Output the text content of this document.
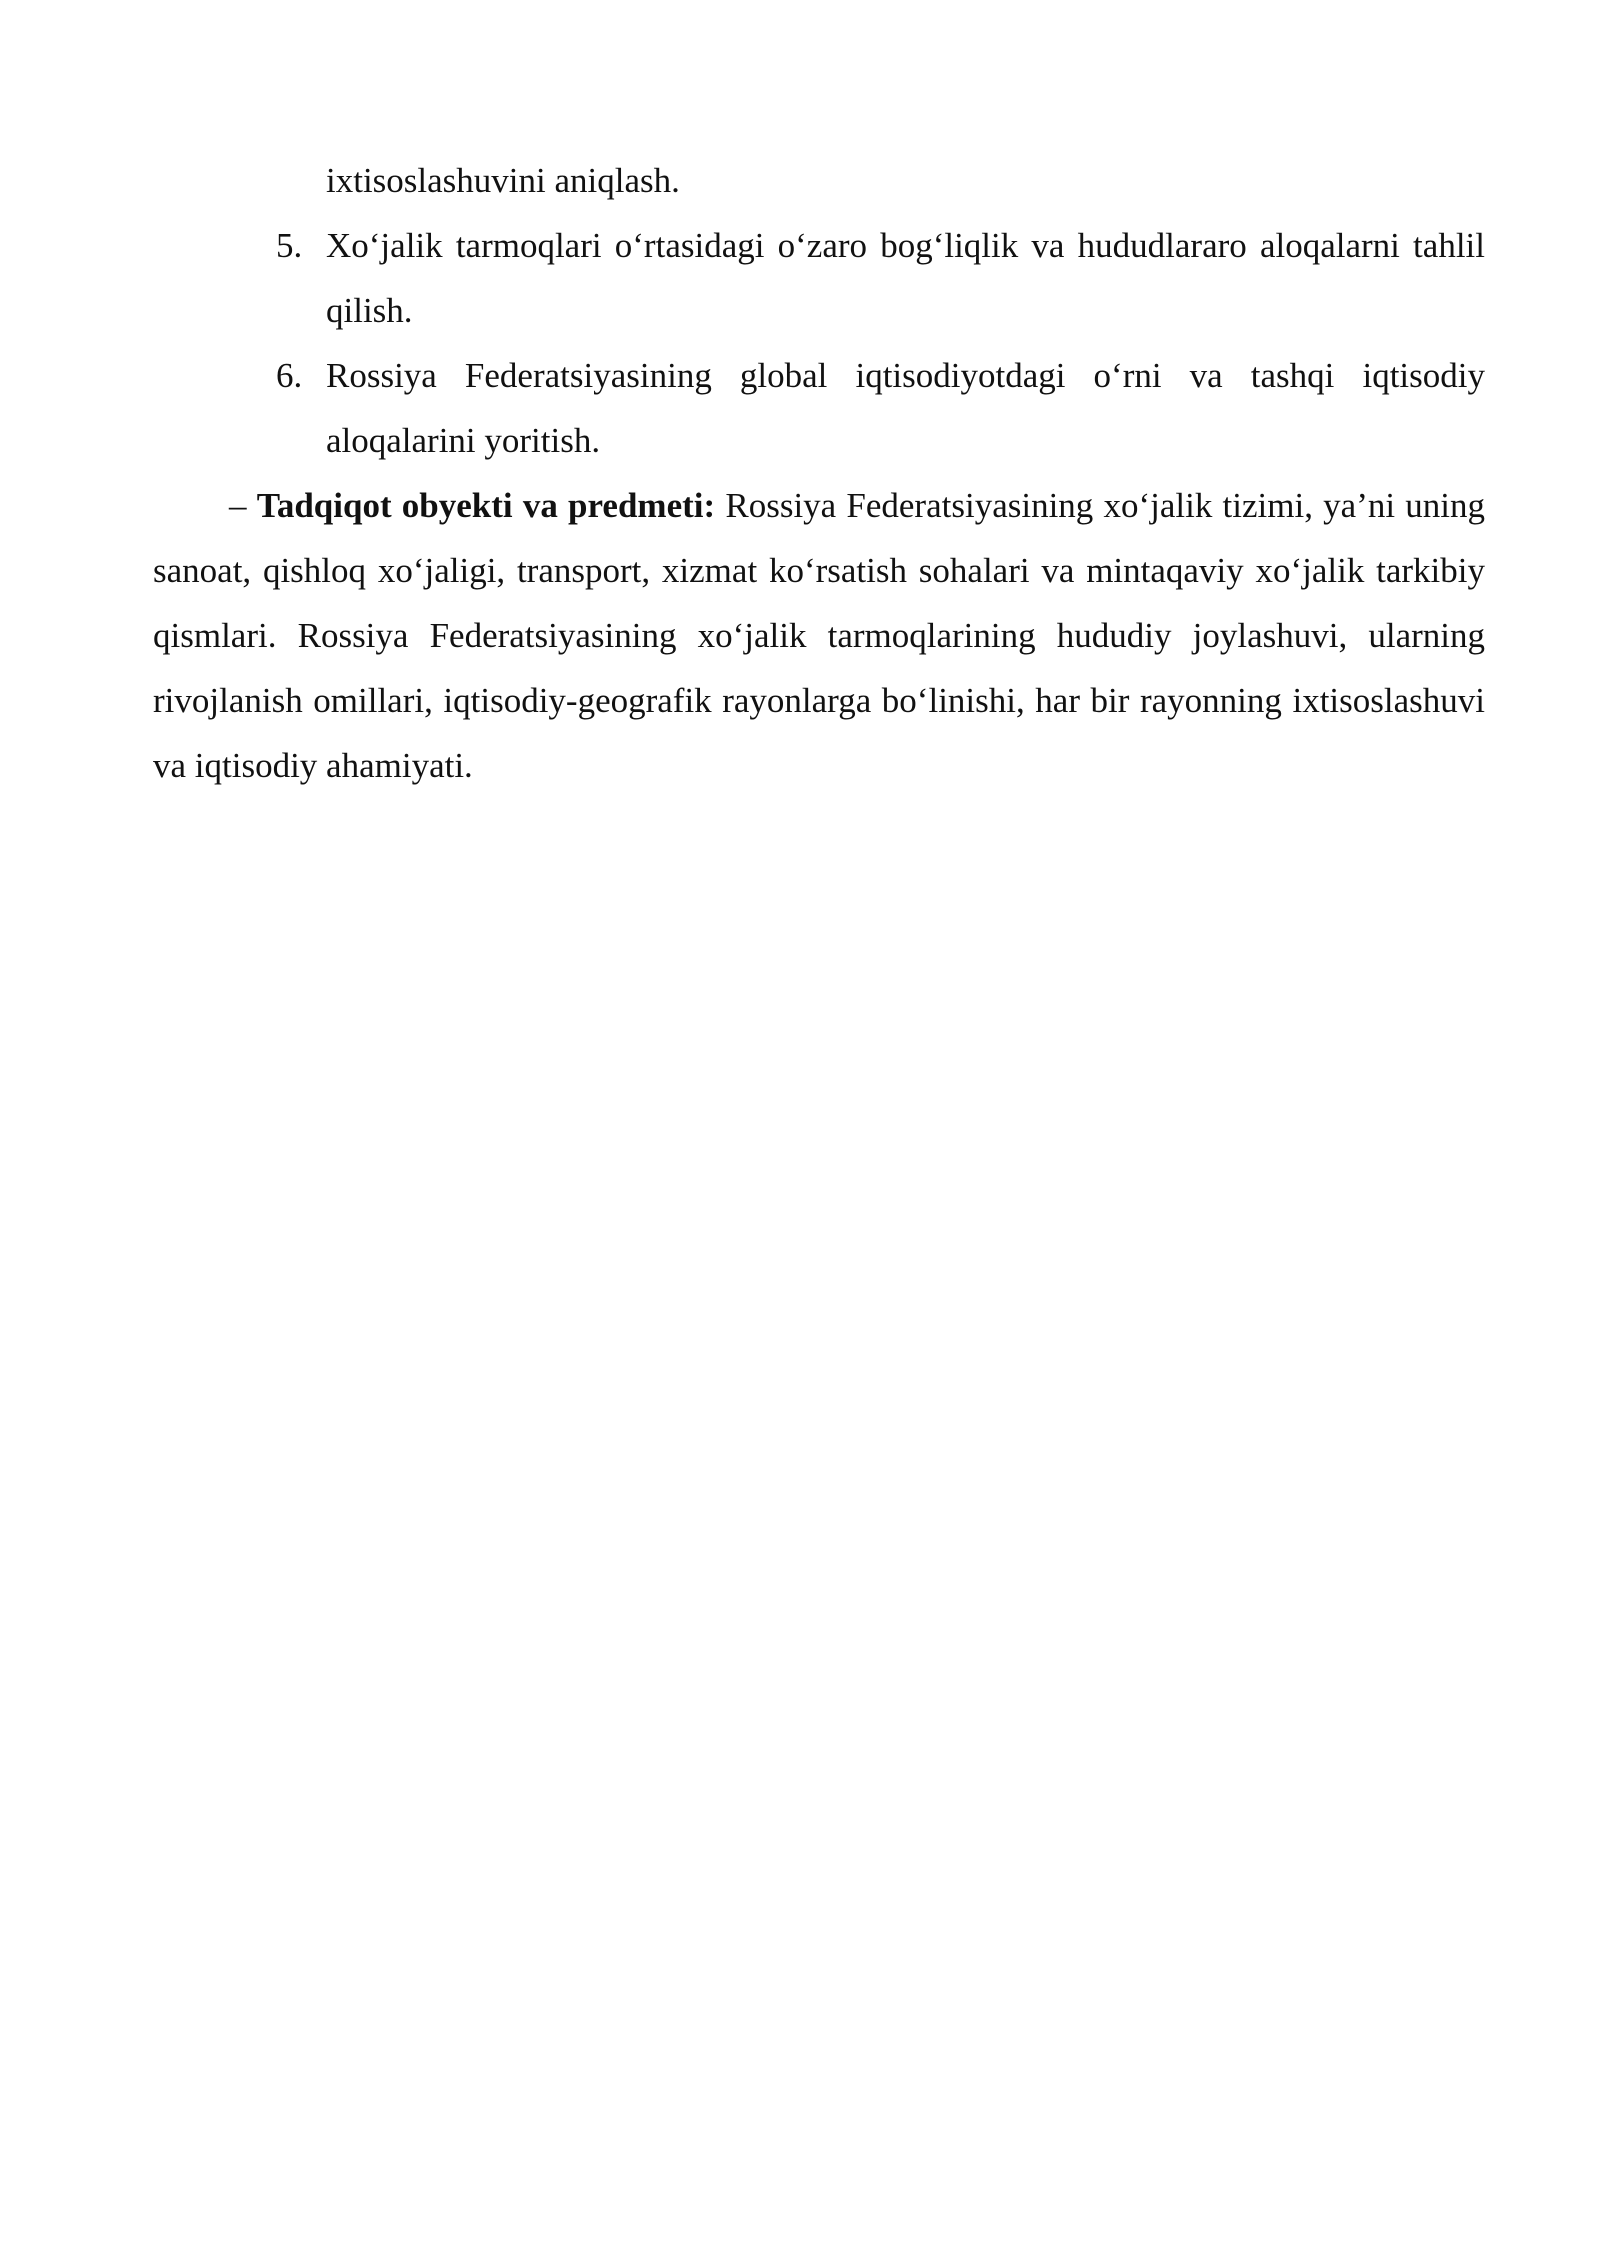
ixtisoslashuvini aniqlash.

5. Xo‘jalik tarmoqlari o‘rtasidagi o‘zaro bog‘liqlik va hududlararo aloqalarni tahlil qilish.

6. Rossiya Federatsiyasining global iqtisodiyotdagi o‘rni va tashqi iqtisodiy aloqalarini yoritish.

– Tadqiqot obyekti va predmeti: Rossiya Federatsiyasining xo‘jalik tizimi, ya’ni uning sanoat, qishloq xo‘jaligi, transport, xizmat ko‘rsatish sohalari va mintaqaviy xo‘jalik tarkibiy qismlari. Rossiya Federatsiyasining xo‘jalik tarmoqlarining hududiy joylashuvi, ularning rivojlanish omillari, iqtisodiy-geografik rayonlarga bo‘linishi, har bir rayonning ixtisoslashuvi va iqtisodiy ahamiyati.
